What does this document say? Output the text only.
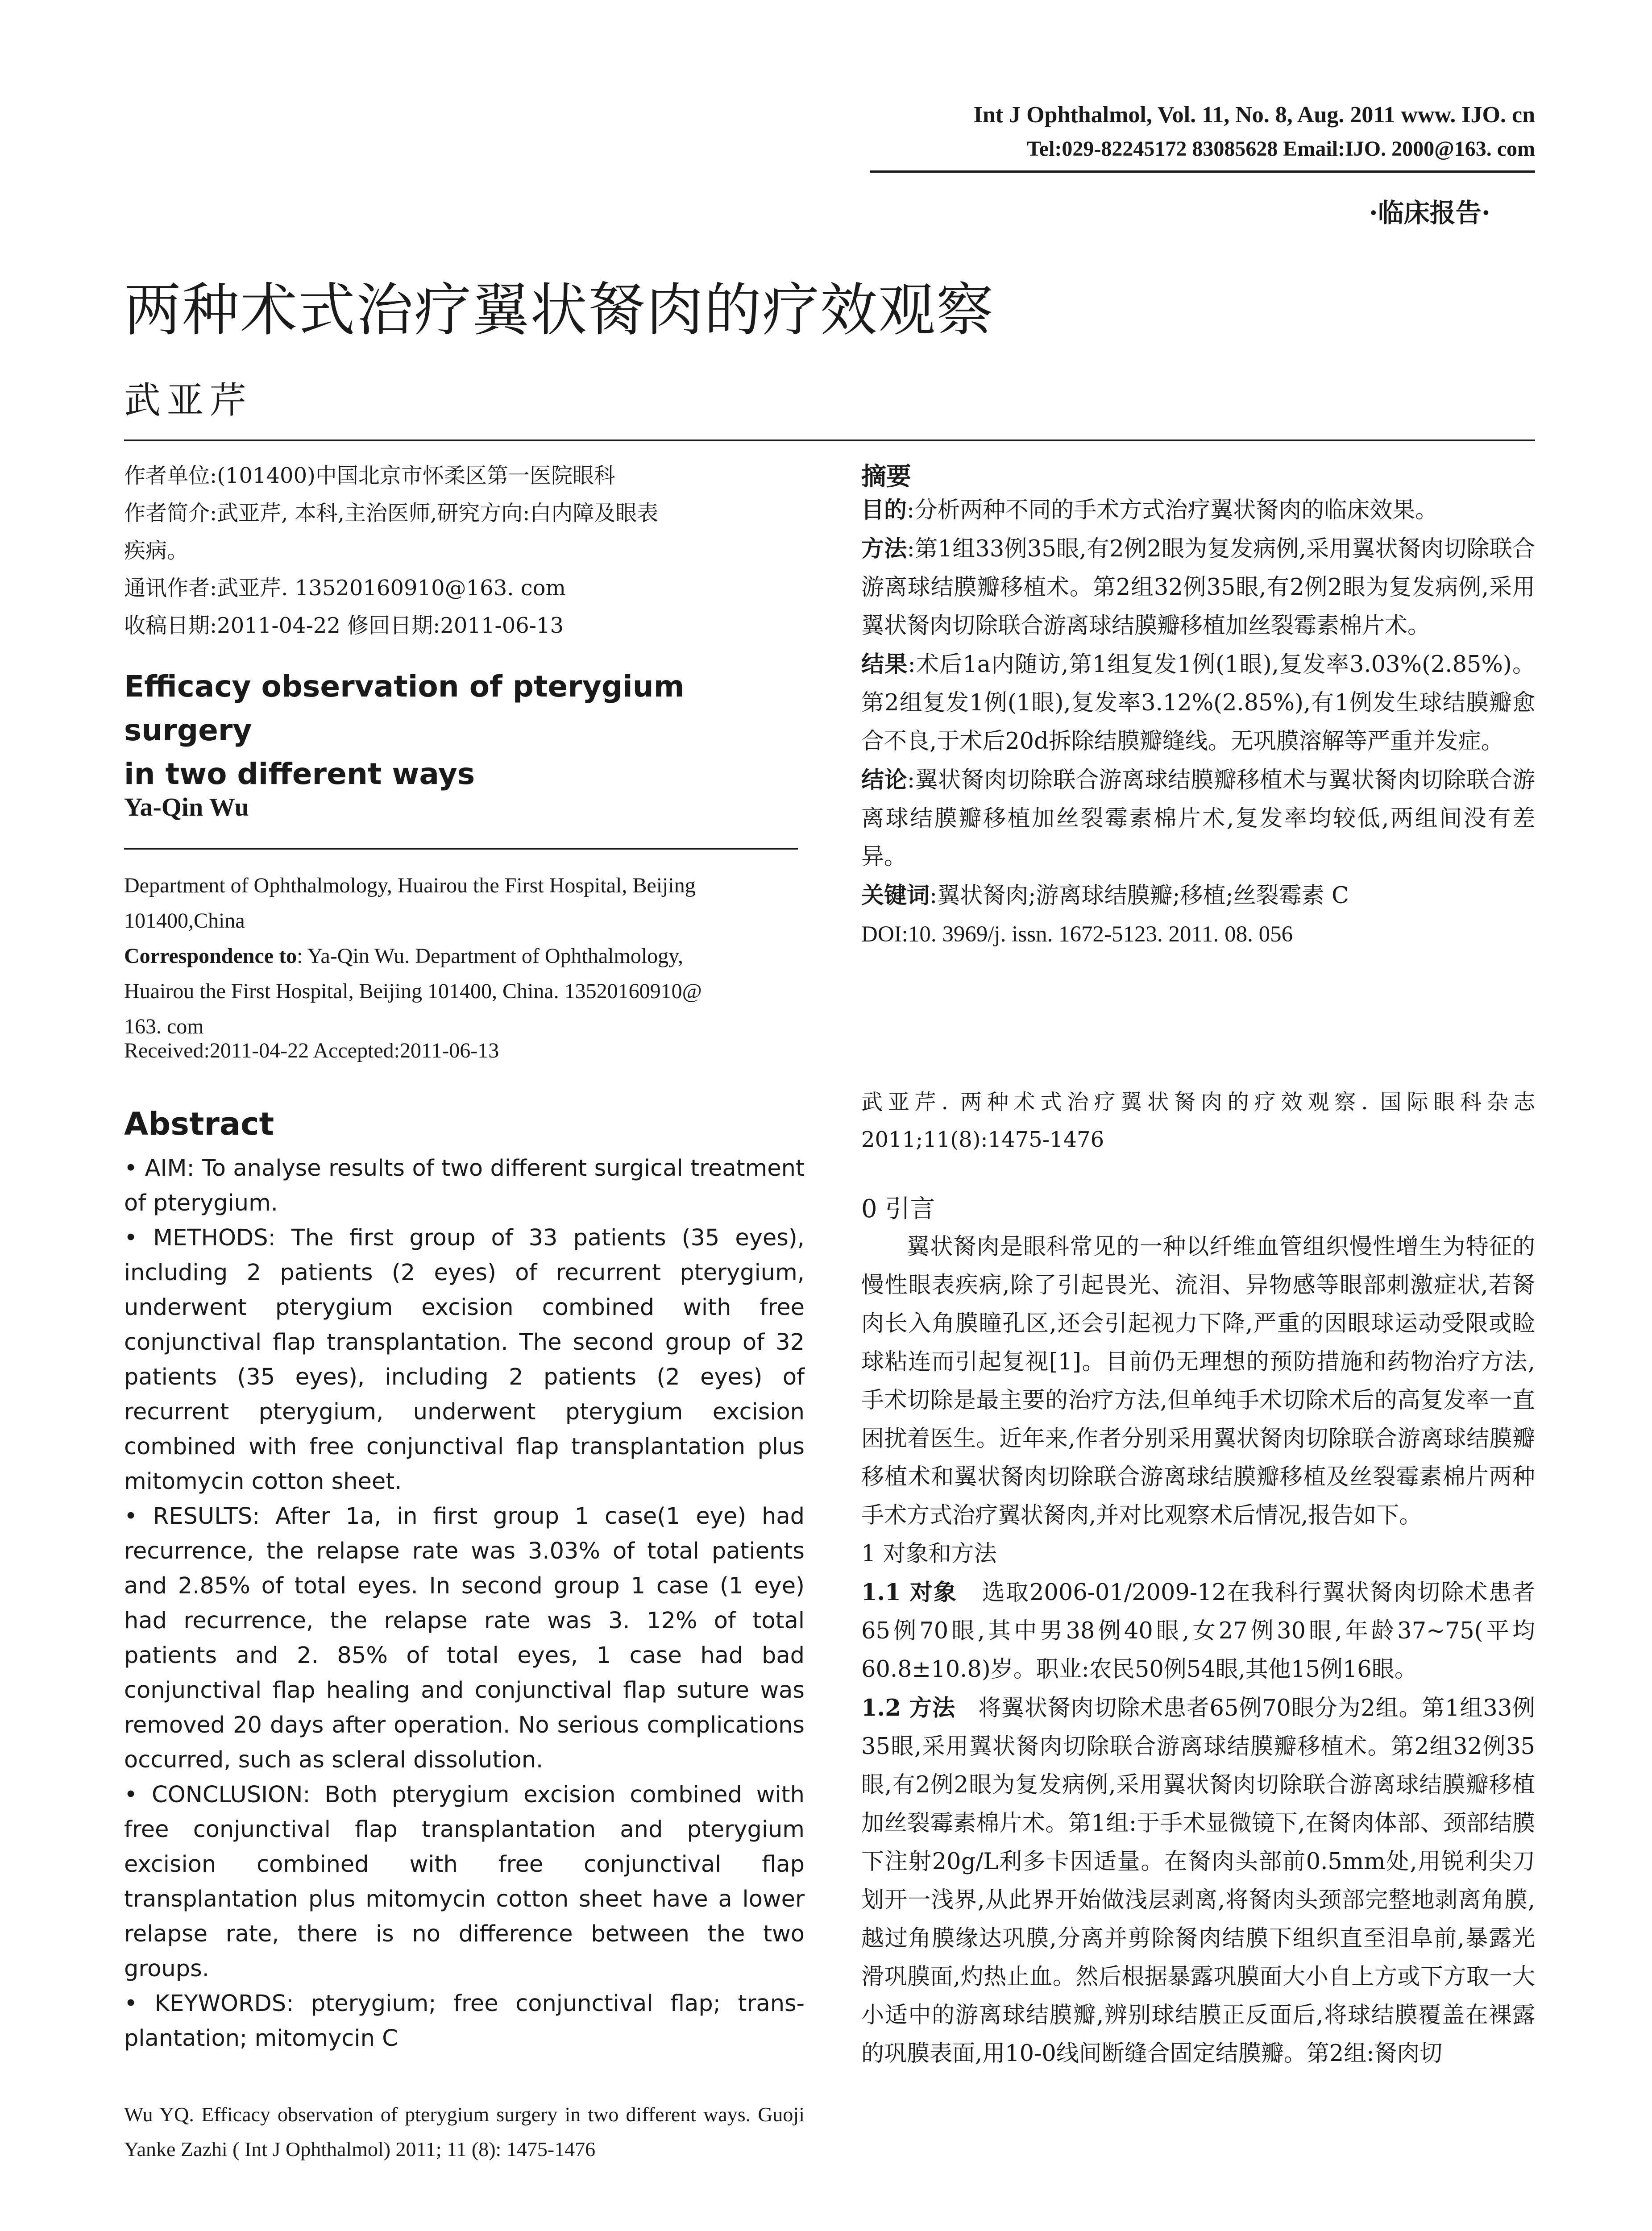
Int J Ophthalmol, Vol. 11, No. 8, Aug. 2011 www. IJO. cn
Tel:029-82245172 83085628 Email:IJO. 2000@163. com
·临床报告·
两种术式治疗翼状胬肉的疗效观察
武亚芹
作者单位:(101400)中国北京市怀柔区第一医院眼科
作者简介:武亚芹, 本科,主治医师,研究方向:白内障及眼表
疾病。
通讯作者:武亚芹. 13520160910@163. com
收稿日期:2011-04-22 修回日期:2011-06-13
Efficacy observation of pterygium surgery
in two different ways
Ya-Qin Wu
Department of Ophthalmology, Huairou the First Hospital, Beijing
101400,China
Correspondence to: Ya-Qin Wu. Department of Ophthalmology,
Huairou the First Hospital, Beijing 101400, China. 13520160910@
163. com
Received:2011-04-22 Accepted:2011-06-13
Abstract

• AIM: To analyse results of two different surgical treatment of pterygium.

• METHODS: The first group of 33 patients (35 eyes), including 2 patients (2 eyes) of recurrent pterygium, underwent pterygium excision combined with free conjunctival flap transplantation. The second group of 32 patients (35 eyes), including 2 patients (2 eyes) of recurrent pterygium, underwent pterygium excision combined with free conjunctival flap transplantation plus mitomycin cotton sheet.

• RESULTS: After 1a, in first group 1 case(1 eye) had recurrence, the relapse rate was 3.03% of total patients and 2.85% of total eyes. In second group 1 case (1 eye) had recurrence, the relapse rate was 3. 12% of total patients and 2. 85% of total eyes, 1 case had bad conjunctival flap healing and conjunctival flap suture was removed 20 days after operation. No serious complications occurred, such as scleral dissolution.

• CONCLUSION: Both pterygium excision combined with free conjunctival flap transplantation and pterygium excision combined with free conjunctival flap transplantation plus mitomycin cotton sheet have a lower relapse rate, there is no difference between the two groups.

• KEYWORDS: pterygium; free conjunctival flap; trans-plantation; mitomycin C

Wu YQ. Efficacy observation of pterygium surgery in two different ways. Guoji Yanke Zazhi ( Int J Ophthalmol) 2011; 11 (8): 1475-1476
摘要

目的:分析两种不同的手术方式治疗翼状胬肉的临床效果。

方法:第1组33例35眼,有2例2眼为复发病例,采用翼状胬肉切除联合游离球结膜瓣移植术。第2组32例35眼,有2例2眼为复发病例,采用翼状胬肉切除联合游离球结膜瓣移植加丝裂霉素棉片术。

结果:术后1a内随访,第1组复发1例(1眼),复发率3.03%(2.85%)。第2组复发1例(1眼),复发率3.12%(2.85%),有1例发生球结膜瓣愈合不良,于术后20d拆除结膜瓣缝线。无巩膜溶解等严重并发症。

结论:翼状胬肉切除联合游离球结膜瓣移植术与翼状胬肉切除联合游离球结膜瓣移植加丝裂霉素棉片术,复发率均较低,两组间没有差异。

关键词:翼状胬肉;游离球结膜瓣;移植;丝裂霉素 C

DOI:10. 3969/j. issn. 1672-5123. 2011. 08. 056

武亚芹. 两种术式治疗翼状胬肉的疗效观察. 国际眼科杂志 2011;11(8):1475-1476
0 引言

翼状胬肉是眼科常见的一种以纤维血管组织慢性增生为特征的慢性眼表疾病,除了引起畏光、流泪、异物感等眼部刺激症状,若胬肉长入角膜瞳孔区,还会引起视力下降,严重的因眼球运动受限或睑球粘连而引起复视[1]。目前仍无理想的预防措施和药物治疗方法,手术切除是最主要的治疗方法,但单纯手术切除术后的高复发率一直困扰着医生。近年来,作者分别采用翼状胬肉切除联合游离球结膜瓣移植术和翼状胬肉切除联合游离球结膜瓣移植及丝裂霉素棉片两种手术方式治疗翼状胬肉,并对比观察术后情况,报告如下。

1 对象和方法

1.1 对象 选取2006-01/2009-12在我科行翼状胬肉切除术患者65例70眼,其中男38例40眼,女27例30眼,年龄37~75(平均60.8±10.8)岁。职业:农民50例54眼,其他15例16眼。

1.2 方法 将翼状胬肉切除术患者65例70眼分为2组。第1组33例35眼,采用翼状胬肉切除联合游离球结膜瓣移植术。第2组32例35眼,有2例2眼为复发病例,采用翼状胬肉切除联合游离球结膜瓣移植加丝裂霉素棉片术。第1组:于手术显微镜下,在胬肉体部、颈部结膜下注射20g/L利多卡因适量。在胬肉头部前0.5mm处,用锐利尖刀划开一浅界,从此界开始做浅层剥离,将胬肉头颈部完整地剥离角膜,越过角膜缘达巩膜,分离并剪除胬肉结膜下组织直至泪阜前,暴露光滑巩膜面,灼热止血。然后根据暴露巩膜面大小自上方或下方取一大小适中的游离球结膜瓣,辨别球结膜正反面后,将球结膜覆盖在裸露的巩膜表面,用10-0线间断缝合固定结膜瓣。第2组:胬肉切
